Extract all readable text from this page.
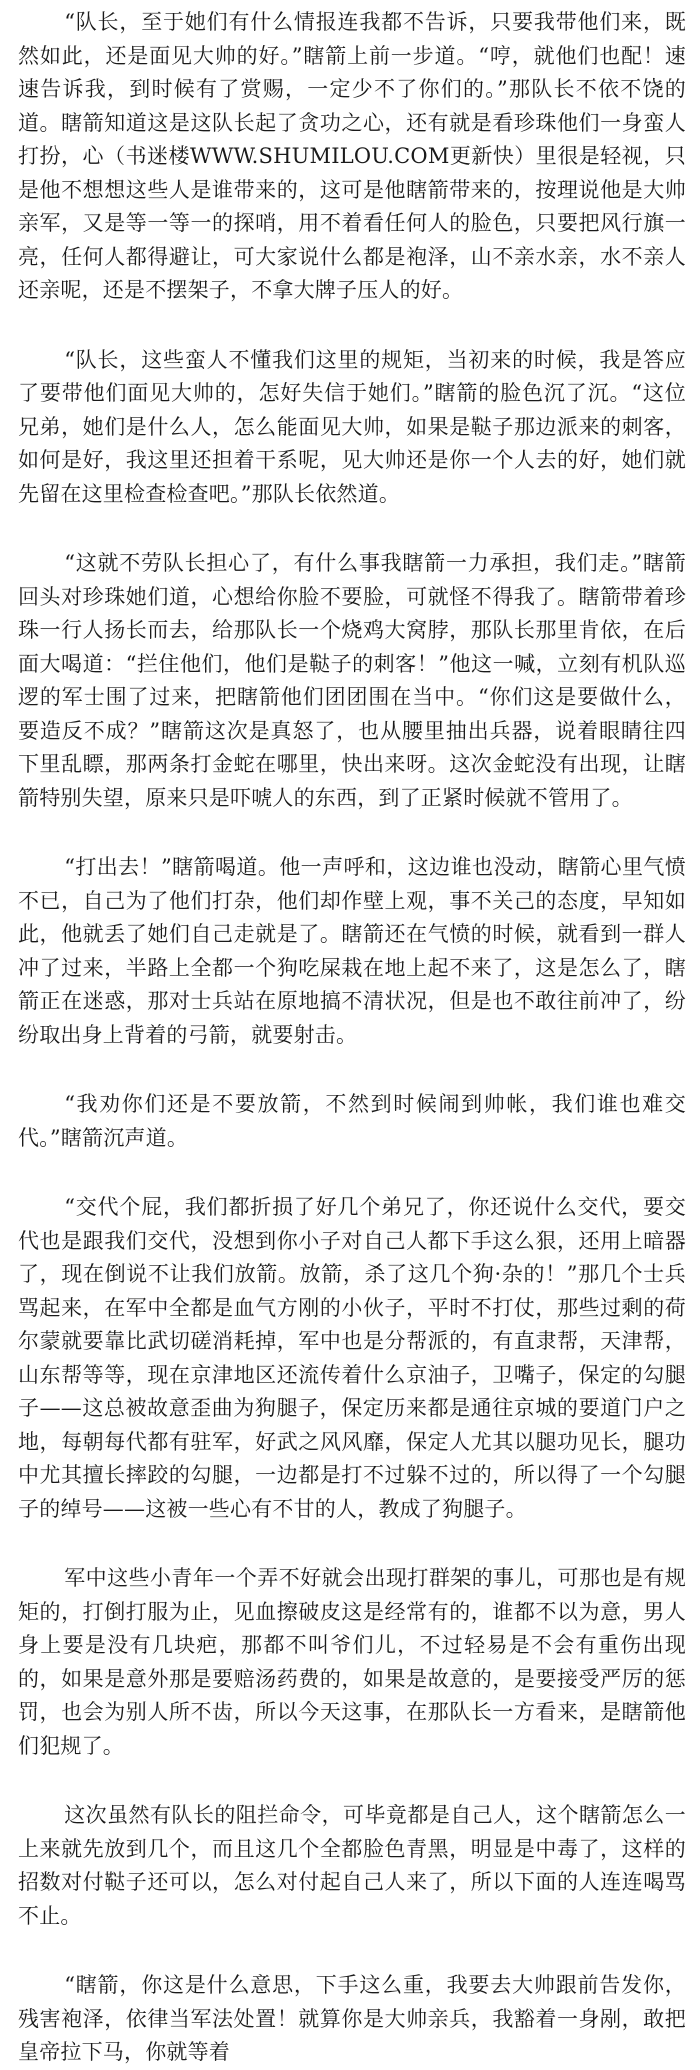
“队长，至于她们有什么情报连我都不告诉，只要我带他们来，既然如此，还是面见大帅的好。”瞎箭上前一步道。“哼，就他们也配！速速告诉我，到时候有了赏赐，一定少不了你们的。”那队长不依不饶的道。瞎箭知道这是这队长起了贪功之心，还有就是看珍珠他们一身蛮人打扮，心（书迷楼WWW.SHUMILOU.COM更新快）里很是轻视，只是他不想想这些人是谁带来的，这可是他瞎箭带来的，按理说他是大帅亲军，又是等一等一的探哨，用不着看任何人的脸色，只要把风行旗一亮，任何人都得避让，可大家说什么都是袍泽，山不亲水亲，水不亲人还亲呢，还是不摆架子，不拿大牌子压人的好。

“队长，这些蛮人不懂我们这里的规矩，当初来的时候，我是答应了要带他们面见大帅的，怎好失信于她们。”瞎箭的脸色沉了沉。“这位兄弟，她们是什么人，怎么能面见大帅，如果是鞑子那边派来的刺客，如何是好，我这里还担着干系呢，见大帅还是你一个人去的好，她们就先留在这里检查检查吧。”那队长依然道。

“这就不劳队长担心了，有什么事我瞎箭一力承担，我们走。”瞎箭回头对珍珠她们道，心想给你脸不要脸，可就怪不得我了。瞎箭带着珍珠一行人扬长而去，给那队长一个烧鸡大窝脖，那队长那里肯依，在后面大喝道：“拦住他们，他们是鞑子的刺客！”他这一喊，立刻有机队巡逻的军士围了过来，把瞎箭他们团团围在当中。“你们这是要做什么，要造反不成？”瞎箭这次是真怒了，也从腰里抽出兵器，说着眼睛往四下里乱瞟，那两条打金蛇在哪里，快出来呀。这次金蛇没有出现，让瞎箭特别失望，原来只是吓唬人的东西，到了正紧时候就不管用了。

“打出去！”瞎箭喝道。他一声呼和，这边谁也没动，瞎箭心里气愤不已，自己为了他们打杂，他们却作壁上观，事不关己的态度，早知如此，他就丢了她们自己走就是了。瞎箭还在气愤的时候，就看到一群人冲了过来，半路上全都一个狗吃屎栽在地上起不来了，这是怎么了，瞎箭正在迷惑，那对士兵站在原地搞不清状况，但是也不敢往前冲了，纷纷取出身上背着的弓箭，就要射击。

“我劝你们还是不要放箭，不然到时候闹到帅帐，我们谁也难交代。”瞎箭沉声道。

“交代个屁，我们都折损了好几个弟兄了，你还说什么交代，要交代也是跟我们交代，没想到你小子对自己人都下手这么狠，还用上暗器了，现在倒说不让我们放箭。放箭，杀了这几个狗·杂的！”那几个士兵骂起来，在军中全都是血气方刚的小伙子，平时不打仗，那些过剩的荷尔蒙就要靠比武切磋消耗掉，军中也是分帮派的，有直隶帮，天津帮，山东帮等等，现在京津地区还流传着什么京油子，卫嘴子，保定的勾腿子——这总被故意歪曲为狗腿子，保定历来都是通往京城的要道门户之地，每朝每代都有驻军，好武之风风靡，保定人尤其以腿功见长，腿功中尤其擅长摔跤的勾腿，一边都是打不过躲不过的，所以得了一个勾腿子的绰号——这被一些心有不甘的人，教成了狗腿子。

军中这些小青年一个弄不好就会出现打群架的事儿，可那也是有规矩的，打倒打服为止，见血擦破皮这是经常有的，谁都不以为意，男人身上要是没有几块疤，那都不叫爷们儿，不过轻易是不会有重伤出现的，如果是意外那是要赔汤药费的，如果是故意的，是要接受严厉的惩罚，也会为别人所不齿，所以今天这事，在那队长一方看来，是瞎箭他们犯规了。

这次虽然有队长的阻拦命令，可毕竟都是自己人，这个瞎箭怎么一上来就先放到几个，而且这几个全都脸色青黑，明显是中毒了，这样的招数对付鞑子还可以，怎么对付起自己人来了，所以下面的人连连喝骂不止。

“瞎箭，你这是什么意思，下手这么重，我要去大帅跟前告发你，残害袍泽，依律当军法处置！就算你是大帅亲兵，我豁着一身剐，敢把皇帝拉下马，你就等着
